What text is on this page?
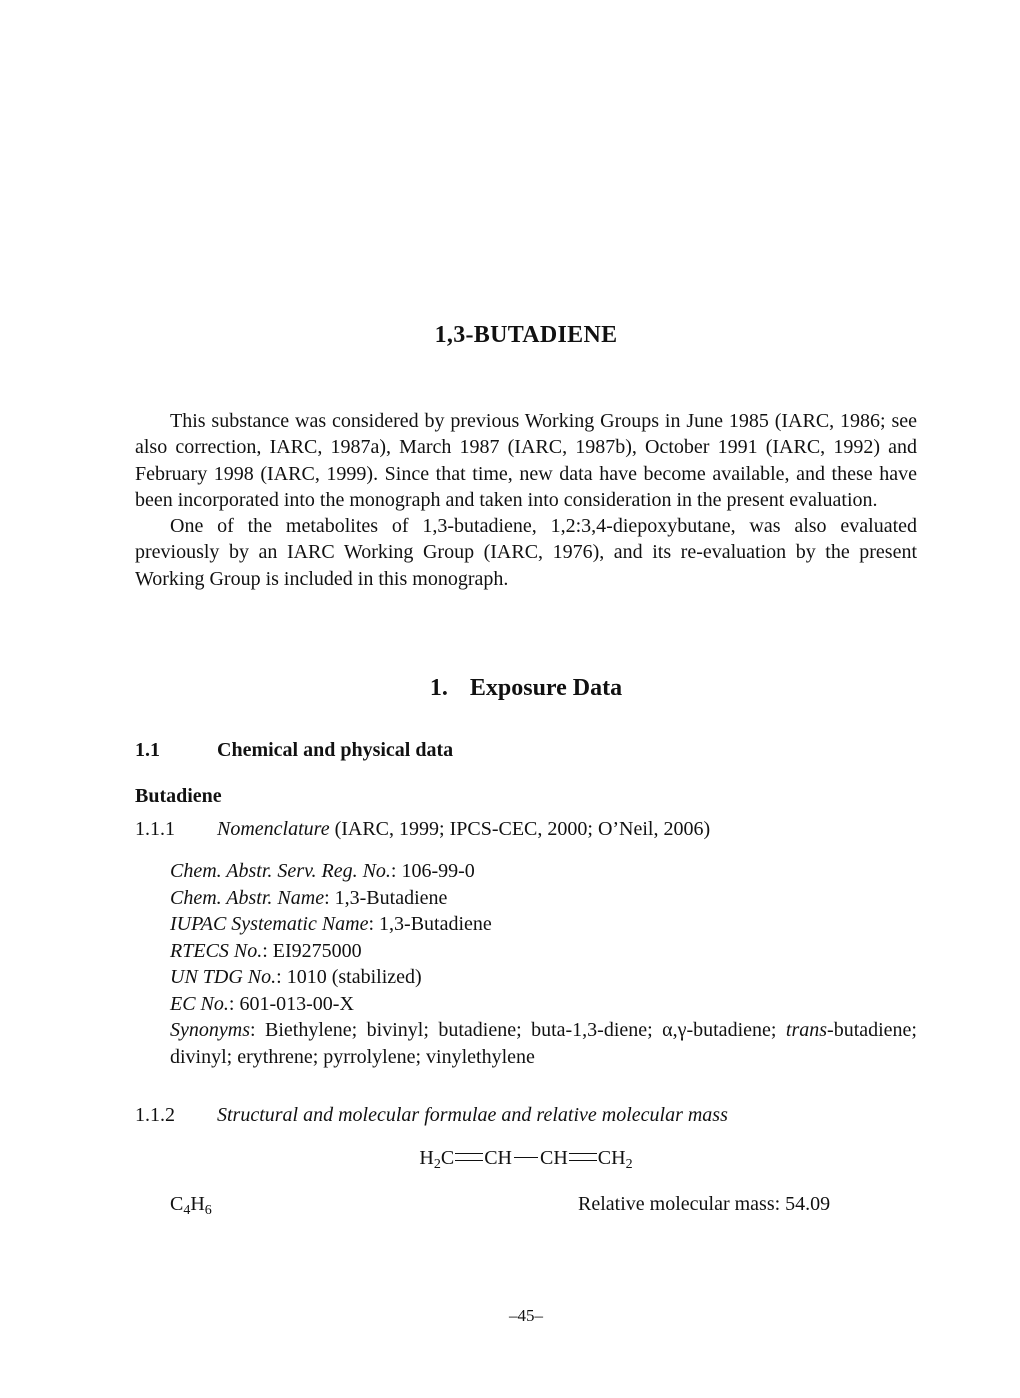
1,3-BUTADIENE

This substance was considered by previous Working Groups in June 1985 (IARC, 1986; see also correction, IARC, 1987a), March 1987 (IARC, 1987b), October 1991 (IARC, 1992) and February 1998 (IARC, 1999). Since that time, new data have become available, and these have been incorporated into the monograph and taken into consideration in the present evaluation.

One of the metabolites of 1,3-butadiene, 1,2:3,4-diepoxybutane, was also evaluated previously by an IARC Working Group (IARC, 1976), and its re-evaluation by the present Working Group is included in this monograph.

1. Exposure Data
1.1	Chemical and physical data
Butadiene
1.1.1 Nomenclature (IARC, 1999; IPCS-CEC, 2000; O’Neil, 2006)
Chem. Abstr. Serv. Reg. No.: 106-99-0
Chem. Abstr. Name: 1,3-Butadiene
IUPAC Systematic Name: 1,3-Butadiene
RTECS No.: EI9275000
UN TDG No.: 1010 (stabilized)
EC No.: 601-013-00-X
Synonyms: Biethylene; bivinyl; butadiene; buta-1,3-diene; α,γ-butadiene; trans-butadiene; divinyl; erythrene; pyrrolylene; vinylethylene
1.1.2 Structural and molecular formulae and relative molecular mass
$H_2C$ CH CH $CH_2$
$C_4H_6$	Relative molecular mass: 54.09
–45–
